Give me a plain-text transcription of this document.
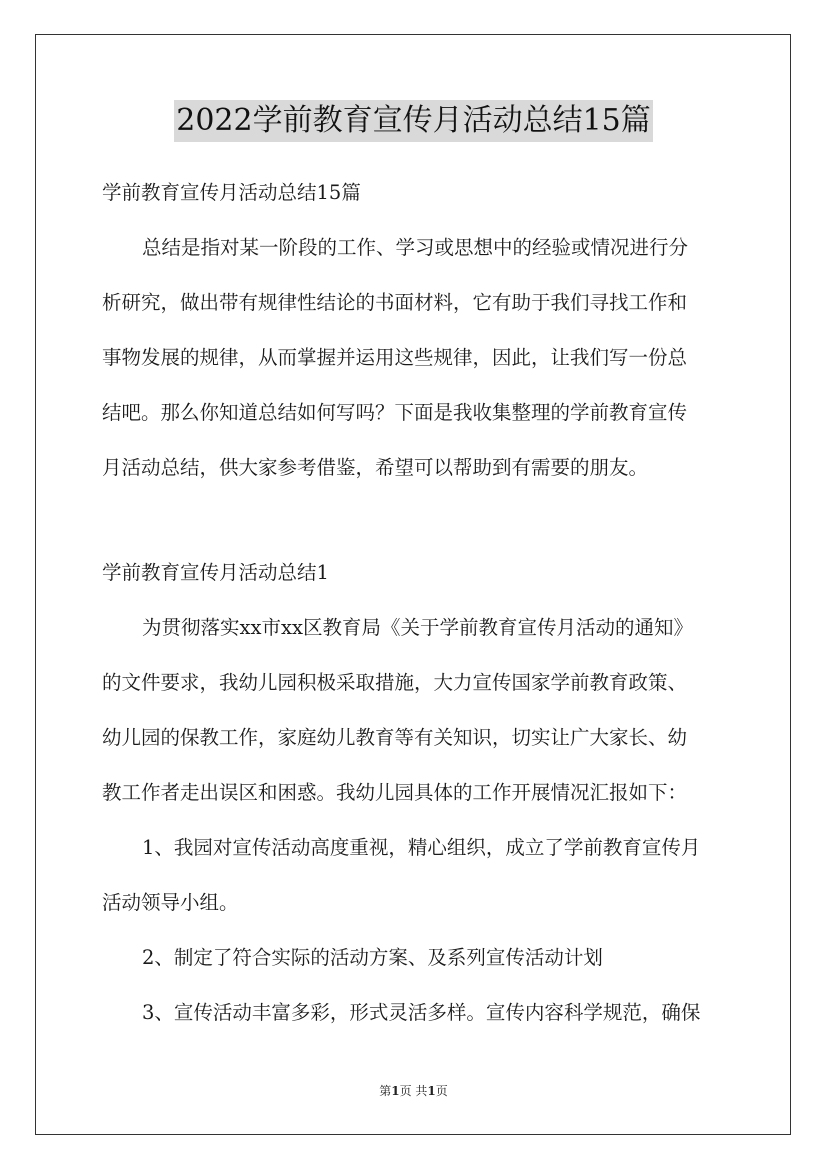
2022学前教育宣传月活动总结15篇
学前教育宣传月活动总结15篇
总结是指对某一阶段的工作、学习或思想中的经验或情况进行分
析研究，做出带有规律性结论的书面材料，它有助于我们寻找工作和
事物发展的规律，从而掌握并运用这些规律，因此，让我们写一份总
结吧。那么你知道总结如何写吗？下面是我收集整理的学前教育宣传
月活动总结，供大家参考借鉴，希望可以帮助到有需要的朋友。
学前教育宣传月活动总结1
为贯彻落实xx市xx区教育局《关于学前教育宣传月活动的通知》
的文件要求，我幼儿园积极采取措施，大力宣传国家学前教育政策、
幼儿园的保教工作，家庭幼儿教育等有关知识，切实让广大家长、幼
教工作者走出误区和困惑。我幼儿园具体的工作开展情况汇报如下：
1、我园对宣传活动高度重视，精心组织，成立了学前教育宣传月
活动领导小组。
2、制定了符合实际的活动方案、及系列宣传活动计划
3、宣传活动丰富多彩，形式灵活多样。宣传内容科学规范，确保
第1页 共1页
